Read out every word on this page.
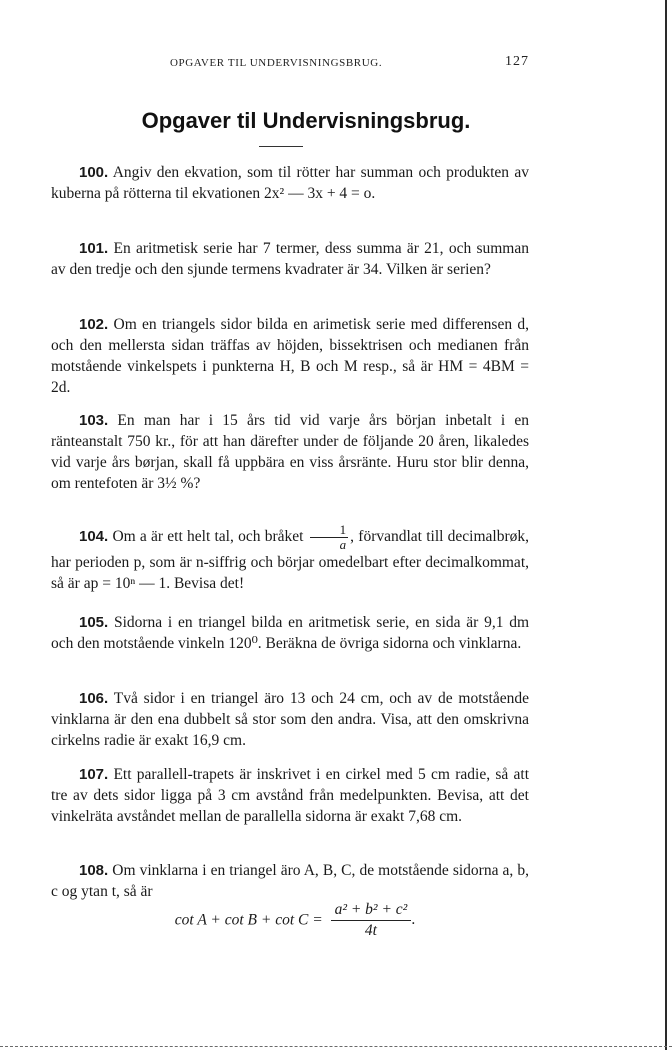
OPGAVER TIL UNDERVISNINGSBRUG.	127
Opgaver til Undervisningsbrug.

100. Angiv den ekvation, som til rötter har summan och produkten av kuberna på rötterna til ekvationen 2x² — 3x + 4 = o.

101. En aritmetisk serie har 7 termer, dess summa är 21, och summan av den tredje och den sjunde termens kvadrater är 34. Vilken är serien?

102. Om en triangels sidor bilda en arimetisk serie med differensen d, och den mellersta sidan träffas av höjden, bissektrisen och medianen från motstående vinkelspets i punkterna H, B och M resp., så är HM = 4BM = 2d.

103. En man har i 15 års tid vid varje års början inbetalt i en ränteanstalt 750 kr., för att han därefter under de följande 20 åren, likaledes vid varje års børjan, skall få uppbära en viss årsränte. Huru stor blir denna, om rentefoten är 3½ %?

104. Om a är ett helt tal, och bråket $\frac{1}{a}$ , förvandlat till decimalbrøk, har perioden p, som är n-siffrig och börjar omedelbart efter decimalkommat, så är ap = 10ⁿ — 1. Bevisa det!

105. Sidorna i en triangel bilda en aritmetisk serie, en sida är 9,1 dm och den motstående vinkeln 120⁰. Beräkna de övriga sidorna och vinklarna.

106. Två sidor i en triangel äro 13 och 24 cm, och av de motstående vinklarna är den ena dubbelt så stor som den andra. Visa, att den omskrivna cirkelns radie är exakt 16,9 cm.

107. Ett parallell-trapets är inskrivet i en cirkel med 5 cm radie, så att tre av dets sidor ligga på 3 cm avstånd från medelpunkten. Bevisa, att det vinkelräta avståndet mellan de parallella sidorna är exakt 7,68 cm.

108. Om vinklarna i en triangel äro A, B, C, de motstående sidorna a, b, c og ytan t, så är

$\cot A + \cot B + \cot C = \frac{\text{a² + b² + c²}}{4t}$ .
